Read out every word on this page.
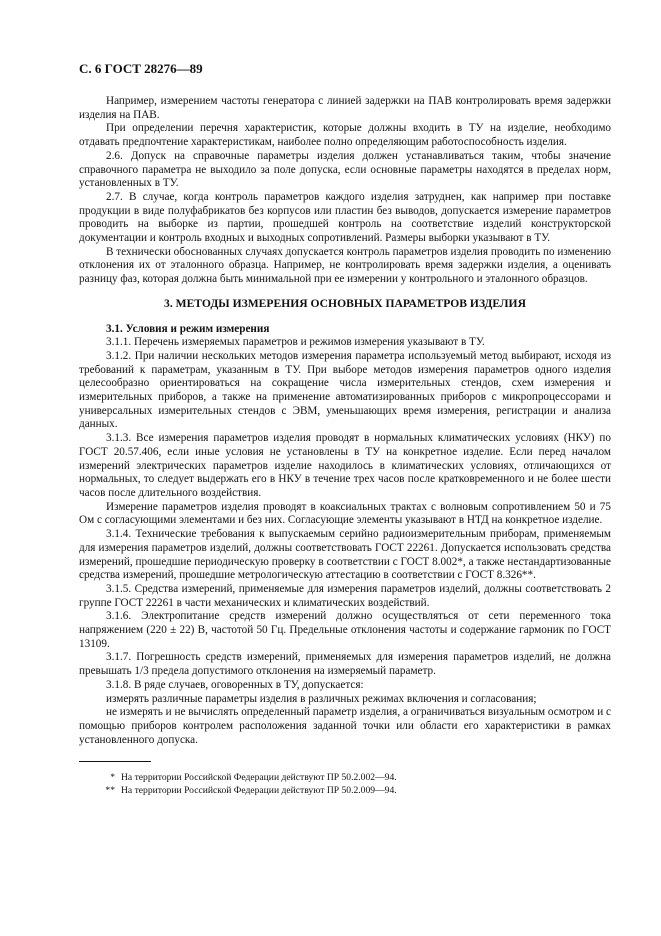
С. 6 ГОСТ 28276—89

Например, измерением частоты генератора с линией задержки на ПАВ контролировать время задержки изделия на ПАВ.

При определении перечня характеристик, которые должны входить в ТУ на изделие, необходимо отдавать предпочтение характеристикам, наиболее полно определяющим работоспособность изделия.

2.6. Допуск на справочные параметры изделия должен устанавливаться таким, чтобы значение справочного параметра не выходило за поле допуска, если основные параметры находятся в пределах норм, установленных в ТУ.

2.7. В случае, когда контроль параметров каждого изделия затруднен, как например при поставке продукции в виде полуфабрикатов без корпусов или пластин без выводов, допускается измерение параметров проводить на выборке из партии, прошедшей контроль на соответствие изделий конструкторской документации и контроль входных и выходных сопротивлений. Размеры выборки указывают в ТУ.

В технически обоснованных случаях допускается контроль параметров изделия проводить по изменению отклонения их от эталонного образца. Например, не контролировать время задержки изделия, а оценивать разницу фаз, которая должна быть минимальной при ее измерении у контрольного и эталонного образцов.

3. МЕТОДЫ ИЗМЕРЕНИЯ ОСНОВНЫХ ПАРАМЕТРОВ ИЗДЕЛИЯ

3.1. Условия и режим измерения

3.1.1. Перечень измеряемых параметров и режимов измерения указывают в ТУ.

3.1.2. При наличии нескольких методов измерения параметра используемый метод выбирают, исходя из требований к параметрам, указанным в ТУ. При выборе методов измерения параметров одного изделия целесообразно ориентироваться на сокращение числа измерительных стендов, схем измерения и измерительных приборов, а также на применение автоматизированных приборов с микропроцессорами и универсальных измерительных стендов с ЭВМ, уменьшающих время измерения, регистрации и анализа данных.

3.1.3. Все измерения параметров изделия проводят в нормальных климатических условиях (НКУ) по ГОСТ 20.57.406, если иные условия не установлены в ТУ на конкретное изделие. Если перед началом измерений электрических параметров изделие находилось в климатических условиях, отличающихся от нормальных, то следует выдержать его в НКУ в течение трех часов после кратковременного и не более шести часов после длительного воздействия.

Измерение параметров изделия проводят в коаксиальных трактах с волновым сопротивлением 50 и 75 Ом с согласующими элементами и без них. Согласующие элементы указывают в НТД на конкретное изделие.

3.1.4. Технические требования к выпускаемым серийно радиоизмерительным приборам, применяемым для измерения параметров изделий, должны соответствовать ГОСТ 22261. Допускается использовать средства измерений, прошедшие периодическую проверку в соответствии с ГОСТ 8.002*, а также нестандартизованные средства измерений, прошедшие метрологическую аттестацию в соответствии с ГОСТ 8.326**.

3.1.5. Средства измерений, применяемые для измерения параметров изделий, должны соответствовать 2 группе ГОСТ 22261 в части механических и климатических воздействий.

3.1.6. Электропитание средств измерений должно осуществляться от сети переменного тока напряжением (220 ± 22) В, частотой 50 Гц. Предельные отклонения частоты и содержание гармоник по ГОСТ 13109.

3.1.7. Погрешность средств измерений, применяемых для измерения параметров изделий, не должна превышать 1/3 предела допустимого отклонения на измеряемый параметр.

3.1.8. В ряде случаев, оговоренных в ТУ, допускается:

измерять различные параметры изделия в различных режимах включения и согласования;

не измерять и не вычислять определенный параметр изделия, а ограничиваться визуальным осмотром и с помощью приборов контролем расположения заданной точки или области его характеристики в рамках установленного допуска.

* На территории Российской Федерации действуют ПР 50.2.002—94.
** На территории Российской Федерации действуют ПР 50.2.009—94.
